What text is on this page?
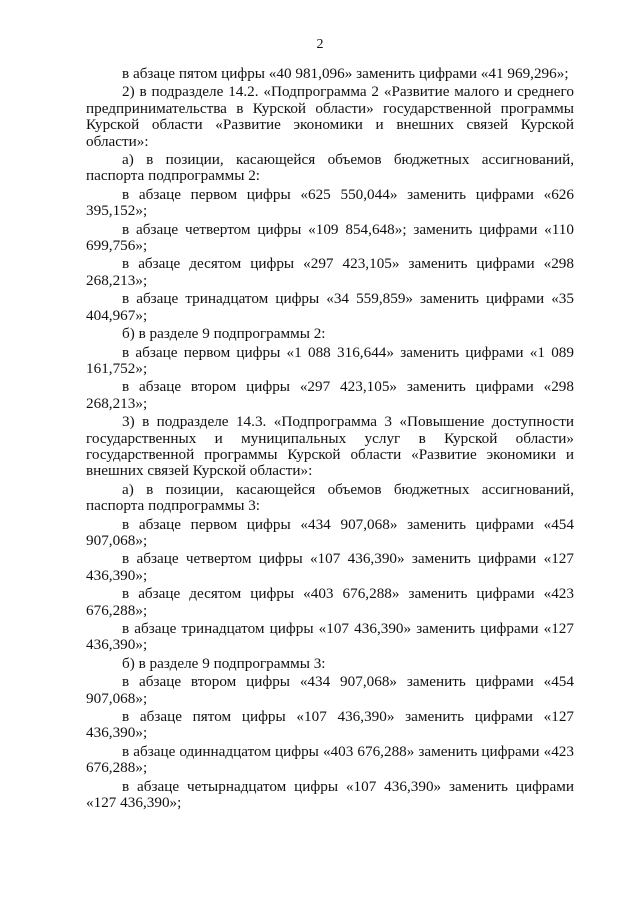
2

в абзаце пятом цифры «40 981,096» заменить цифрами «41 969,296»;

2) в подразделе 14.2. «Подпрограмма 2 «Развитие малого и среднего предпринимательства в Курской области» государственной программы Курской области «Развитие экономики и внешних связей Курской области»:

а) в позиции, касающейся объемов бюджетных ассигнований, паспорта подпрограммы 2:

в абзаце первом цифры «625 550,044» заменить цифрами «626 395,152»;

в абзаце четвертом цифры «109 854,648»; заменить цифрами «110 699,756»;

в абзаце десятом цифры «297 423,105» заменить цифрами «298 268,213»;

в абзаце тринадцатом цифры «34 559,859» заменить цифрами «35 404,967»;

б) в разделе 9 подпрограммы 2:

в абзаце первом цифры «1 088 316,644» заменить цифрами «1 089 161,752»;

в абзаце втором цифры «297 423,105» заменить цифрами «298 268,213»;

3) в подразделе 14.3. «Подпрограмма 3 «Повышение доступности государственных и муниципальных услуг в Курской области» государственной программы Курской области «Развитие экономики и внешних связей Курской области»:

а) в позиции, касающейся объемов бюджетных ассигнований, паспорта подпрограммы 3:

в абзаце первом цифры «434 907,068» заменить цифрами «454 907,068»;

в абзаце четвертом цифры «107 436,390» заменить цифрами «127 436,390»;

в абзаце десятом цифры «403 676,288» заменить цифрами «423 676,288»;

в абзаце тринадцатом цифры «107 436,390» заменить цифрами «127 436,390»;

б) в разделе 9 подпрограммы 3:

в абзаце втором цифры «434 907,068» заменить цифрами «454 907,068»;

в абзаце пятом цифры «107 436,390» заменить цифрами «127 436,390»;

в абзаце одиннадцатом цифры «403 676,288» заменить цифрами «423 676,288»;

в абзаце четырнадцатом цифры «107 436,390» заменить цифрами «127 436,390»;
